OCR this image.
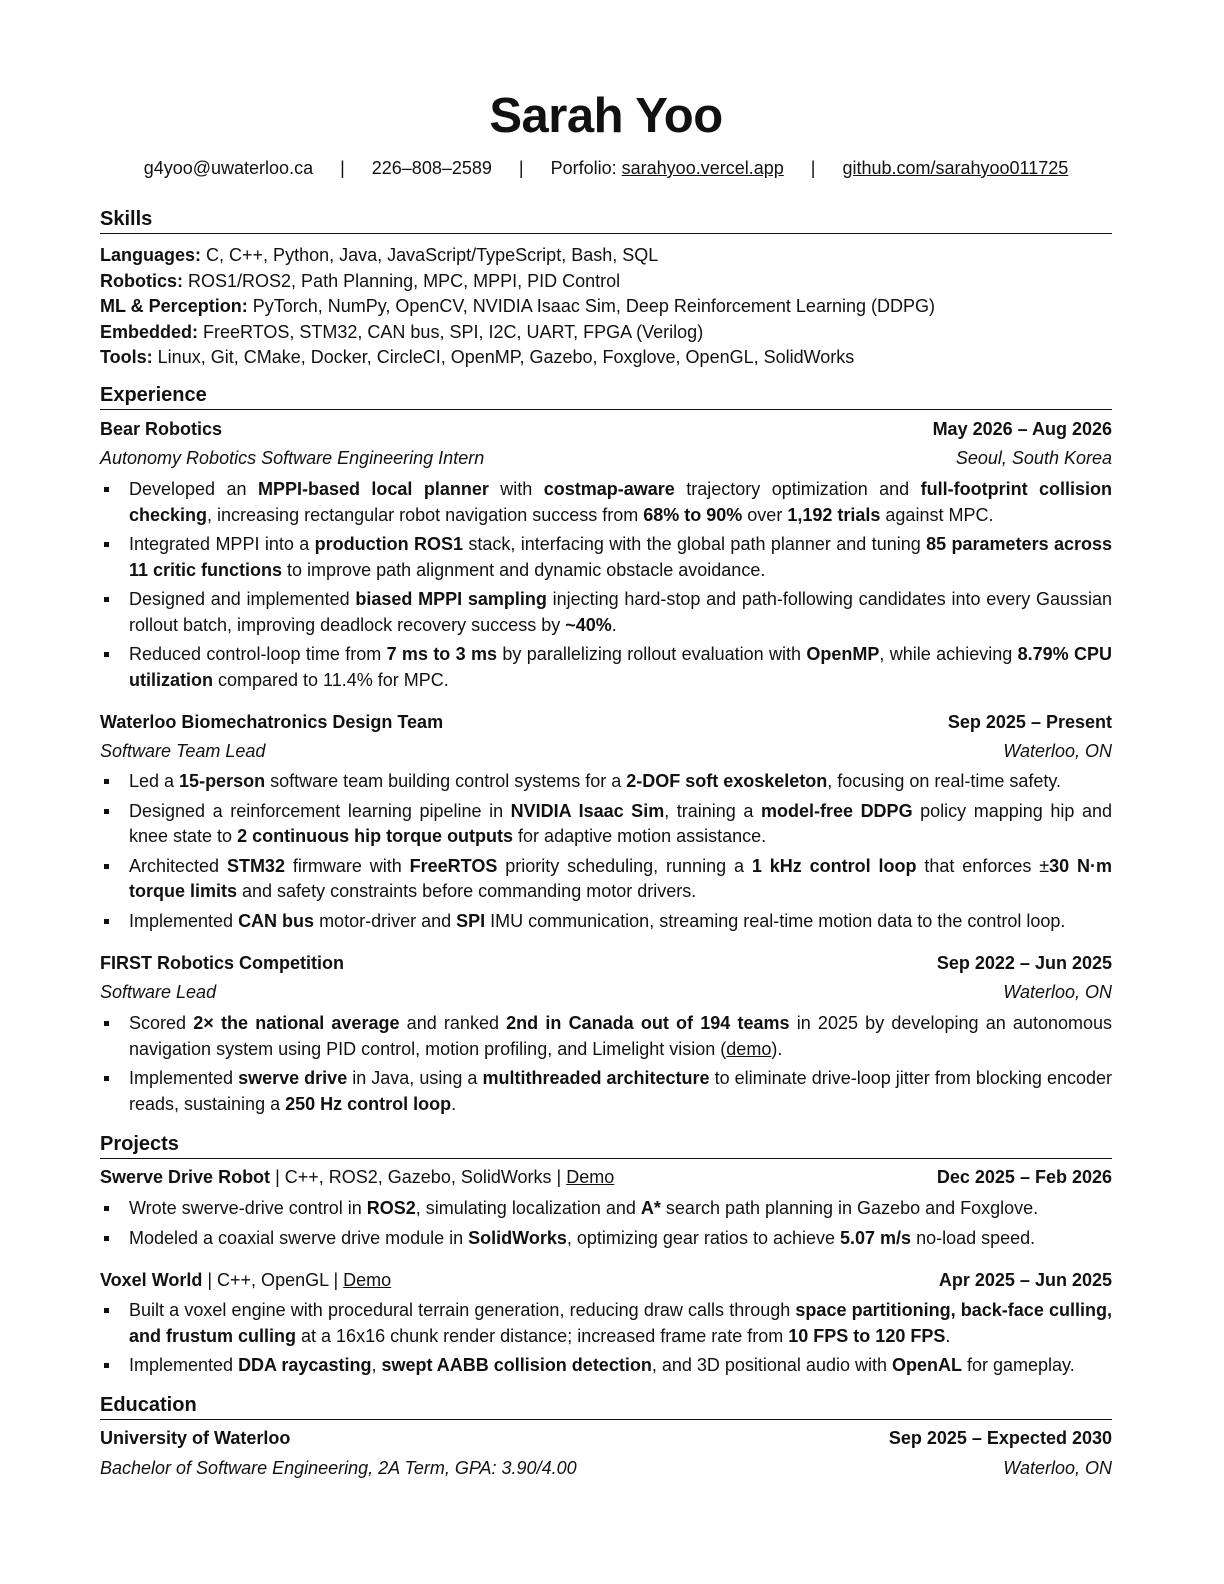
Sarah Yoo
g4yoo@uwaterloo.ca | 226–808–2589 | Porfolio:
sarahyoo.vercel.app | github.com/sarahyoo011725
Skills
Languages: C, C++, Python, Java, JavaScript/TypeScript, Bash, SQL
Robotics: ROS1/ROS2, Path Planning, MPC, MPPI, PID Control
ML & Perception: PyTorch, NumPy, OpenCV, NVIDIA Isaac Sim, Deep Reinforcement Learning (DDPG)
Embedded: FreeRTOS, STM32, CAN bus, SPI, I2C, UART, FPGA (Verilog)
Tools: Linux, Git, CMake, Docker, CircleCI, OpenMP, Gazebo, Foxglove, OpenGL, SolidWorks
Experience
Bear Robotics	May 2026 – Aug 2026
Autonomy Robotics Software Engineering Intern	Seoul, South Korea
Developed an MPPI-based local planner with costmap-aware trajectory optimization and full-footprint collision checking, increasing rectangular robot navigation success from 68% to 90% over 1,192 trials against MPC.
Integrated MPPI into a production ROS1 stack, interfacing with the global path planner and tuning 85 parameters across 11 critic functions to improve path alignment and dynamic obstacle avoidance.
Designed and implemented biased MPPI sampling injecting hard-stop and path-following candidates into every Gaussian rollout batch, improving deadlock recovery success by ~40%.
Reduced control-loop time from 7 ms to 3 ms by parallelizing rollout evaluation with OpenMP, while achieving 8.79% CPU utilization compared to 11.4% for MPC.
Waterloo Biomechatronics Design Team	Sep 2025 – Present
Software Team Lead	Waterloo, ON
Led a 15-person software team building control systems for a 2-DOF soft exoskeleton, focusing on real-time safety.
Designed a reinforcement learning pipeline in NVIDIA Isaac Sim, training a model-free DDPG policy mapping hip and knee state to 2 continuous hip torque outputs for adaptive motion assistance.
Architected STM32 firmware with FreeRTOS priority scheduling, running a 1 kHz control loop that enforces ±30 N·m torque limits and safety constraints before commanding motor drivers.
Implemented CAN bus motor-driver and SPI IMU communication, streaming real-time motion data to the control loop.
FIRST Robotics Competition	Sep 2022 – Jun 2025
Software Lead	Waterloo, ON
Scored 2× the national average and ranked 2nd in Canada out of 194 teams in 2025 by developing an autonomous navigation system using PID control, motion profiling, and Limelight vision (demo).
Implemented swerve drive in Java, using a multithreaded architecture to eliminate drive-loop jitter from blocking encoder reads, sustaining a 250 Hz control loop.
Projects
Swerve Drive Robot | C++, ROS2, Gazebo, SolidWorks | Demo	Dec 2025 – Feb 2026
Wrote swerve-drive control in ROS2, simulating localization and A* search path planning in Gazebo and Foxglove.
Modeled a coaxial swerve drive module in SolidWorks, optimizing gear ratios to achieve 5.07 m/s no-load speed.
Voxel World | C++, OpenGL | Demo	Apr 2025 – Jun 2025
Built a voxel engine with procedural terrain generation, reducing draw calls through space partitioning, back-face culling, and frustum culling at a 16x16 chunk render distance; increased frame rate from 10 FPS to 120 FPS.
Implemented DDA raycasting, swept AABB collision detection, and 3D positional audio with OpenAL for gameplay.
Education
University of Waterloo	Sep 2025 – Expected 2030
Bachelor of Software Engineering, 2A Term, GPA: 3.90/4.00	Waterloo, ON
